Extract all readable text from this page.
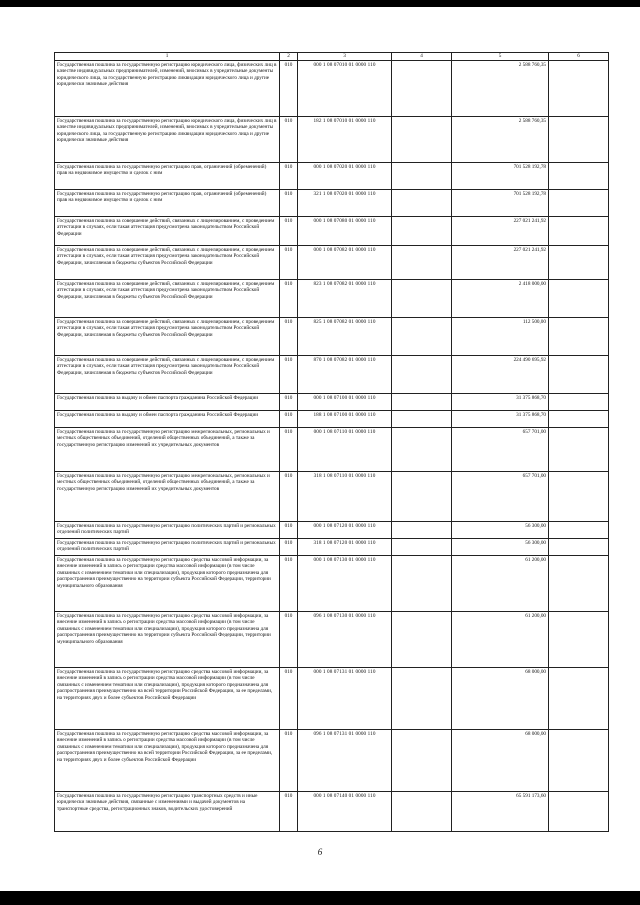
1	2	3	4	5	6
Государственная пошлина за государственную регистрацию юридического лица, физических лиц в качестве индивидуальных предпринимателей, изменений, вносимых в учредительные документы юридического лица, за государственную регистрацию ликвидации юридического лица и другие юридически значимые действия	010	000 1 08 07010 01 0000 110		2 588 760,35	
Государственная пошлина за государственную регистрацию юридического лица, физических лиц в качестве индивидуальных предпринимателей, изменений, вносимых в учредительные документы юридического лица, за государственную регистрацию ликвидации юридического лица и другие юридически значимые действия	010	182 1 08 07010 01 0000 110		2 588 760,35	
Государственная пошлина за государственную регистрацию прав, ограничений (обременений) прав на недвижимое имущество и сделок с ним	010	000 1 08 07020 01 0000 110		701 528 192,78	
Государственная пошлина за государственную регистрацию прав, ограничений (обременений) прав на недвижимое имущество и сделок с ним	010	321 1 08 07020 01 0000 110		701 528 192,78	
Государственная пошлина за совершение действий, связанных с лицензированием, с проведением аттестации в случаях, если такая аттестация предусмотрена законодательством Российской Федерации	010	000 1 08 07080 01 0000 110		227 021 241,92	
Государственная пошлина за совершение действий, связанных с лицензированием, с проведением аттестации в случаях, если такая аттестация предусмотрена законодательством Российской Федерации, зачисляемая в бюджеты субъектов Российской Федерации	010	000 1 08 07082 01 0000 110		227 021 241,92	
Государственная пошлина за совершение действий, связанных с лицензированием, с проведением аттестации в случаях, если такая аттестация предусмотрена законодательством Российской Федерации, зачисляемая в бюджеты субъектов Российской Федерации	010	823 1 08 07082 01 0000 110		2 418 000,00	
Государственная пошлина за совершение действий, связанных с лицензированием, с проведением аттестации в случаях, если такая аттестация предусмотрена законодательством Российской Федерации, зачисляемая в бюджеты субъектов Российской Федерации	010	825 1 08 07082 01 0000 110		112 500,00	
Государственная пошлина за совершение действий, связанных с лицензированием, с проведением аттестации в случаях, если такая аттестация предусмотрена законодательством Российской Федерации, зачисляемая в бюджеты субъектов Российской Федерации	010	870 1 08 07082 01 0000 110		224 490 695,92	
Государственная пошлина за выдачу и обмен паспорта гражданина Российской Федерации	010	000 1 08 07100 01 0000 110		31 375 868,70	
Государственная пошлина за выдачу и обмен паспорта гражданина Российской Федерации	010	188 1 08 07100 01 0000 110		31 375 868,70	
Государственная пошлина за государственную регистрацию межрегиональных, региональных и местных общественных объединений, отделений общественных объединений, а также за государственную регистрацию изменений их учредительных документов	010	000 1 08 07110 01 0000 110		657 701,00	
Государственная пошлина за государственную регистрацию межрегиональных, региональных и местных общественных объединений, отделений общественных объединений, а также за государственную регистрацию изменений их учредительных документов	010	318 1 08 07110 01 0000 110		657 701,00	
Государственная пошлина за государственную регистрацию политических партий и региональных отделений политических партий	010	000 1 08 07120 01 0000 110		56 300,00	
Государственная пошлина за государственную регистрацию политических партий и региональных отделений политических партий	010	318 1 08 07120 01 0000 110		56 300,00	
Государственная пошлина за государственную регистрацию средства массовой информации, за внесение изменений в запись о регистрации средства массовой информации (в том числе связанных с изменением тематики или специализации), продукция которого предназначена для распространения преимущественно на территории субъекта Российской Федерации, территории муниципального образования	010	000 1 08 07130 01 0000 110		61 200,00	
Государственная пошлина за государственную регистрацию средства массовой информации, за внесение изменений в запись о регистрации средства массовой информации (в том числе связанных с изменением тематики или специализации), продукция которого предназначена для распространения преимущественно на территории субъекта Российской Федерации, территории муниципального образования	010	096 1 08 07130 01 0000 110		61 200,00	
Государственная пошлина за государственную регистрацию средства массовой информации, за внесение изменений в запись о регистрации средства массовой информации (в том числе связанных с изменением тематики или специализации), продукция которого предназначена для распространения преимущественно на всей территории Российской Федерации, за ее пределами, на территориях двух и более субъектов Российской Федерации	010	000 1 08 07131 01 0000 110		68 000,00	
Государственная пошлина за государственную регистрацию средства массовой информации, за внесение изменений в запись о регистрации средства массовой информации (в том числе связанных с изменением тематики или специализации), продукция которого предназначена для распространения преимущественно на всей территории Российской Федерации, за ее пределами, на территориях двух и более субъектов Российской Федерации	010	096 1 08 07131 01 0000 110		68 000,00	
Государственная пошлина за государственную регистрацию транспортных средств и иные юридически значимые действия, связанные с изменениями и выдачей документов на транспортные средства, регистрационных знаков, водительских удостоверений	010	000 1 08 07140 01 0000 110		65 591 173,60	
6
